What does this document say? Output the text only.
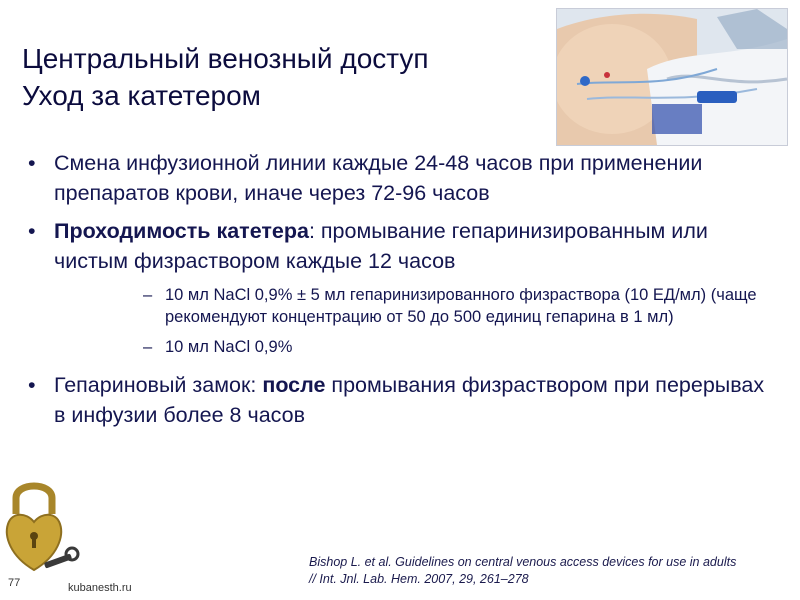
Центральный венозный доступ
Уход за катетером
• Смена инфузионной линии каждые 24-48 часов при применении препаратов крови, иначе через 72-96 часов
• Проходимость катетера: промывание гепаринизированным или чистым физраствором каждые 12 часов
– 10 мл NaCl 0,9% ± 5 мл гепаринизированного физраствора (10 ЕД/мл) (чаще рекомендуют концентрацию от 50 до 500 единиц гепарина в 1 мл)
– 10 мл NaCl 0,9%
• Гепариновый замок: после промывания физраствором при перерывах в инфузии более 8 часов
77	kubanesth.ru
Bishop L. et al. Guidelines on central venous access devices for use in adults
// Int. Jnl. Lab. Hem. 2007, 29, 261–278
